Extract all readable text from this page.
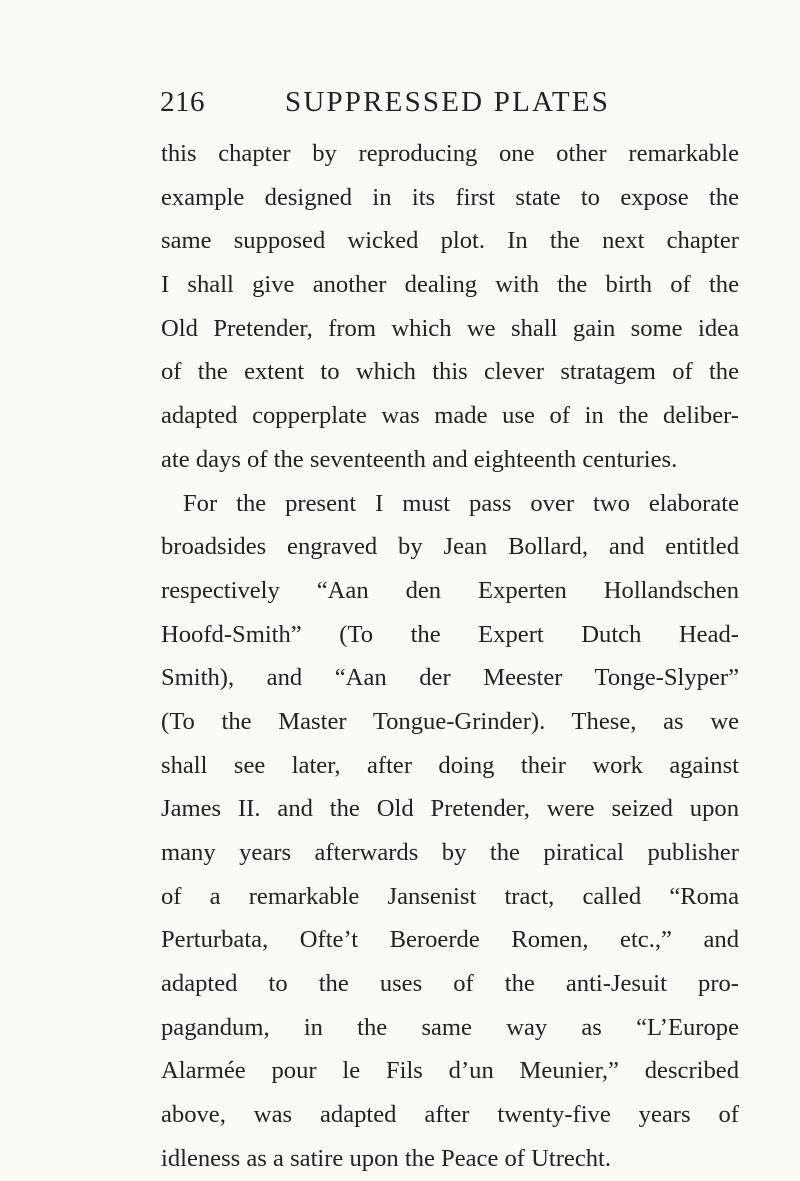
216	SUPPRESSED PLATES
this chapter by reproducing one other remarkable
example designed in its first state to expose the
same supposed wicked plot. In the next chapter
I shall give another dealing with the birth of the
Old Pretender, from which we shall gain some idea
of the extent to which this clever stratagem of the
adapted copperplate was made use of in the deliber-
ate days of the seventeenth and eighteenth centuries.
For the present I must pass over two elaborate
broadsides engraved by Jean Bollard, and entitled
respectively “Aan den Experten Hollandschen
Hoofd-Smith” (To the Expert Dutch Head-
Smith), and “Aan der Meester Tonge-Slyper”
(To the Master Tongue-Grinder). These, as we
shall see later, after doing their work against
James II. and the Old Pretender, were seized upon
many years afterwards by the piratical publisher
of a remarkable Jansenist tract, called “Roma
Perturbata, Ofte’t Beroerde Romen, etc.,” and
adapted to the uses of the anti-Jesuit pro-
pagandum, in the same way as “L’Europe
Alarmée pour le Fils d’un Meunier,” described
above, was adapted after twenty-five years of
idleness as a satire upon the Peace of Utrecht.
